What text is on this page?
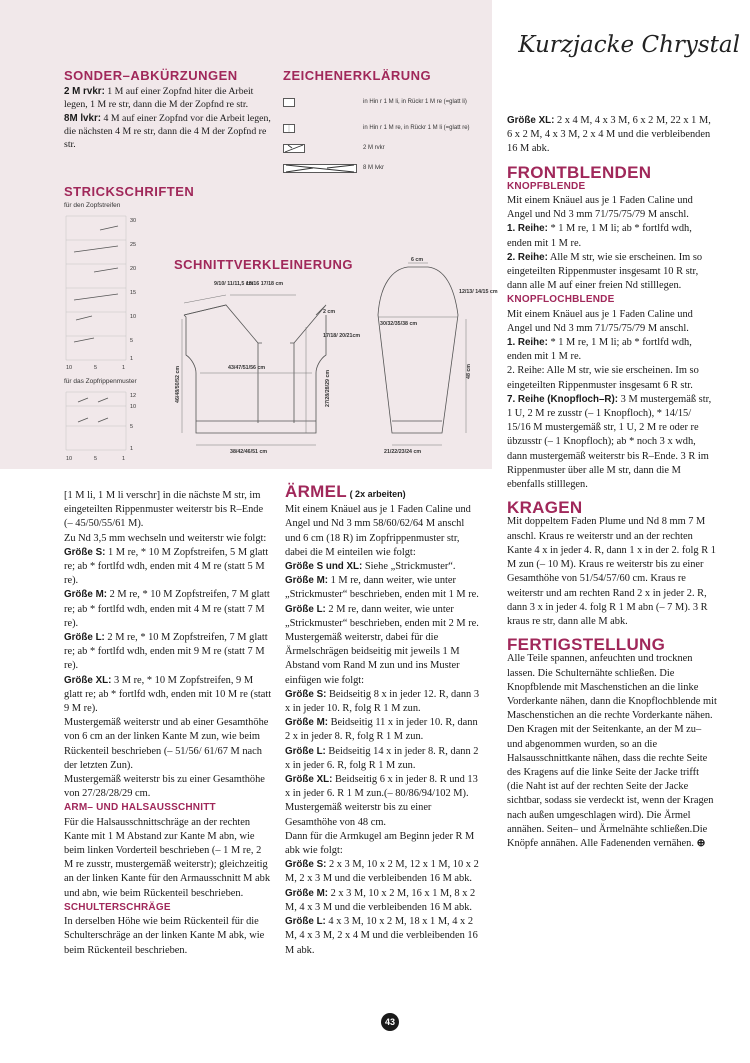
Kurzjacke Chrystal
SONDER–ABKÜRZUNGEN

2 M rvkr: 1 M auf einer Zopfnd hiter die Arbeit legen, 1 M re str, dann die M der Zopfnd re str.

8M lvkr: 4 M auf einer Zopfnd vor die Arbeit legen, die nächsten 4 M re str, dann die 4 M der Zopfnd re str.

ZEICHENERKLÄRUNG
in Hin r 1 M li, in Rückr 1 M re (=glatt li)
in Hin r 1 M re, in Rückr 1 M li (=glatt re)
2 M rvkr
8 M lvkr
STRICKSCHRIFTEN
für den Zopfstreifen
30
25
20
15
10
5
1
10	5	1
für das Zopfrippenmuster
12
10
5
1
10	5	1
SCHNITTVERKLEINERUNG
9/10/ 11/11,5 cm
15/16 17/18 cm
2 cm
17/18/ 20/21cm
43/47/51/56 cm
27/28/28/29 cm
46/48/50/52 cm
38/42/46/51 cm
6 cm
12/13/ 14/15 cm
30/32/35/38 cm
48 cm
21/22/23/24 cm

[1 M li, 1 M li verschr] in die nächste M str, im eingeteilten Rippenmuster weiterstr bis R–Ende (– 45/50/55/61 M).

Zu Nd 3,5 mm wechseln und weiterstr wie folgt:

Größe S: 1 M re, * 10 M Zopfstreifen, 5 M glatt re; ab * fortlfd wdh, enden mit 4 M re (statt 5 M re).

Größe M: 2 M re, * 10 M Zopfstreifen, 7 M glatt re; ab * fortlfd wdh, enden mit 4 M re (statt 7 M re).

Größe L: 2 M re, * 10 M Zopfstreifen, 7 M glatt re; ab * fortlfd wdh, enden mit 9 M re (statt 7 M re).

Größe XL: 3 M re, * 10 M Zopfstreifen, 9 M glatt re; ab * fortlfd wdh, enden mit 10 M re (statt 9 M re).

Mustergemäß weiterstr und ab einer Gesamthöhe von 6 cm an der linken Kante M zun, wie beim Rückenteil beschrieben (– 51/56/ 61/67 M nach der letzten Zun).

Mustergemäß weiterstr bis zu einer Gesamthöhe von 27/28/28/29 cm.

ARM– UND HALSAUSSCHNITT

Für die Halsausschnittschräge an der rechten Kante mit 1 M Abstand zur Kante M abn, wie beim linken Vorderteil beschrieben (– 1 M re, 2 M re zusstr, mustergemäß weiterstr); gleichzeitig an der linken Kante für den Armausschnitt M abk und abn, wie beim Rückenteil beschrieben.

SCHULTERSCHRÄGE

In derselben Höhe wie beim Rückenteil für die Schulterschräge an der linken Kante M abk, wie beim Rückenteil beschrieben.

ÄRMEL ( 2x arbeiten)

Mit einem Knäuel aus je 1 Faden Caline und Angel und Nd 3 mm 58/60/62/64 M anschl und 6 cm (18 R) im Zopfrippenmuster str, dabei die M einteilen wie folgt:

Größe S und XL: Siehe „Strickmuster“.

Größe M: 1 M re, dann weiter, wie unter „Strickmuster“ beschrieben, enden mit 1 M re.

Größe L: 2 M re, dann weiter, wie unter „Strickmuster“ beschrieben, enden mit 2 M re.

Mustergemäß weiterstr, dabei für die Ärmelschrägen beidseitig mit jeweils 1 M Abstand vom Rand M zun und ins Muster einfügen wie folgt:

Größe S: Beidseitig 8 x in jeder 12. R, dann 3 x in jeder 10. R, folg R 1 M zun.

Größe M: Beidseitig 11 x in jeder 10. R, dann 2 x in jeder 8. R, folg R 1 M zun.

Größe L: Beidseitig 14 x in jeder 8. R, dann 2 x in jeder 6. R, folg R 1 M zun.

Größe XL: Beidseitig 6 x in jeder 8. R und 13 x in jeder 6. R 1 M zun.(– 80/86/94/102 M).

Mustergemäß weiterstr bis zu einer Gesamthöhe von 48 cm.

Dann für die Armkugel am Beginn jeder R M abk wie folgt:

Größe S: 2 x 3 M, 10 x 2 M, 12 x 1 M, 10 x 2 M, 2 x 3 M und die verbleibenden 16 M abk.

Größe M: 2 x 3 M, 10 x 2 M, 16 x 1 M, 8 x 2 M, 4 x 3 M und die verbleibenden 16 M abk.

Größe L: 4 x 3 M, 10 x 2 M, 18 x 1 M, 4 x 2 M, 4 x 3 M, 2 x 4 M und die verbleibenden 16 M abk.

Größe XL: 2 x 4 M, 4 x 3 M, 6 x 2 M, 22 x 1 M, 6 x 2 M, 4 x 3 M, 2 x 4 M und die verbleibenden 16 M abk.

FRONTBLENDEN
KNOPFBLENDE

Mit einem Knäuel aus je 1 Faden Caline und Angel und Nd 3 mm 71/75/75/79 M anschl.

1. Reihe: * 1 M re, 1 M li; ab * fortlfd wdh, enden mit 1 M re.

2. Reihe: Alle M str, wie sie erscheinen. Im so eingeteilten Rippenmuster insgesamt 10 R str, dann alle M auf einer freien Nd stilllegen.

KNOPFLOCHBLENDE

Mit einem Knäuel aus je 1 Faden Caline und Angel und Nd 3 mm 71/75/75/79 M anschl.

1. Reihe: * 1 M re, 1 M li; ab * fortlfd wdh, enden mit 1 M re.

2. Reihe: Alle M str, wie sie erscheinen. Im so eingeteilten Rippenmuster insgesamt 6 R str.

7. Reihe (Knopfloch–R): 3 M mustergemäß str, 1 U, 2 M re zusstr (– 1 Knopfloch), * 14/15/ 15/16 M mustergemäß str, 1 U, 2 M re oder re übzusstr (– 1 Knopfloch); ab * noch 3 x wdh, dann mustergemäß weiterstr bis R–Ende. 3 R im Rippenmuster über alle M str, dann die M ebenfalls stilllegen.

KRAGEN

Mit doppeltem Faden Plume und Nd 8 mm 7 M anschl. Kraus re weiterstr und an der rechten Kante 4 x in jeder 4. R, dann 1 x in der 2. folg R 1 M zun (– 10 M). Kraus re weiterstr bis zu einer Gesamthöhe von 51/54/57/60 cm. Kraus re weiterstr und am rechten Rand 2 x in jeder 2. R, dann 3 x in jeder 4. folg R 1 M abn (– 7 M). 3 R kraus re str, dann alle M abk.

FERTIGSTELLUNG

Alle Teile spannen, anfeuchten und trocknen lassen. Die Schulternähte schließen. Die Knopfblende mit Maschenstichen an die linke Vorderkante nähen, dann die Knopflochblende mit Maschenstichen an die rechte Vorderkante nähen. Den Kragen mit der Seitenkante, an der M zu– und abgenommen wurden, so an die Halsausschnittkante nähen, dass die rechte Seite des Kragens auf die linke Seite der Jacke trifft (die Naht ist auf der rechten Seite der Jacke sichtbar, sodass sie verdeckt ist, wenn der Kragen nach außen umgeschlagen wird). Die Ärmel annähen. Seiten– und Ärmelnähte schließen.Die Knöpfe annähen. Alle Fadenenden vernähen. ⊕

43
